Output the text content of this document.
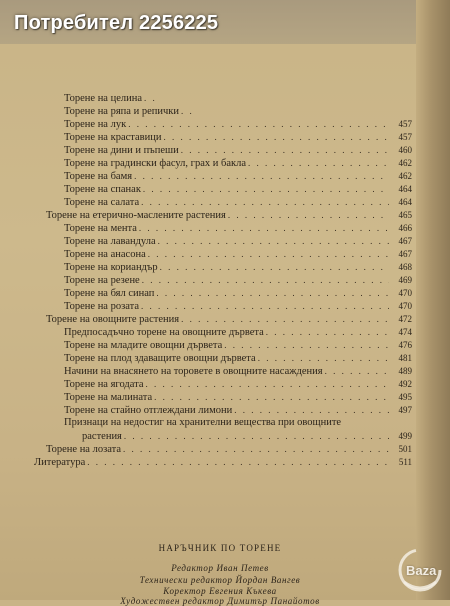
Потребител 2256225
Торене на целина
. . .
Торене на ряпа и репички
. . .
Торене на лук . . .	457
Торене на краставици . . .	457
Торене на дини и пъпеши . . .	460
Торене на градински фасул, грах и бакла . . .	462
Торене на бамя . . .	462
Торене на спанак . . .	464
Торене на салата . . .	464
Торене на етерично-маслените растения . . .	465
Торене на мента . . .	466
Торене на лавандула . . .	467
Торене на анасона . . .	467
Торене на кориандър . . .	468
Торене на резене . . .	469
Торене на бял синап . . .	470
Торене на розата . . .	470
Торене на овощните растения . . .	472
Предпосадъчно торене на овощните дървета . . .	474
Торене на младите овощни дървета . . .	476
Торене на плод здаващите овощни дървета . . .	481
Начини на внасянето на торовете в овощните насаждения . . .	489
Торене на ягодата . . .	492
Торене на малината . . .	495
Торене на стайно отглеждани лимони . . .	497
Признаци на недостиг на хранителни вещества при овощните
растения . . .	499
Торене на лозата . . .	501
Литература . . .	511
НАРЪЧНИК ПО ТОРЕНЕ
Редактор Иван Петев
Технически редактор Йордан Вангев
Коректор Евгения Къкева
Художествен редактор Димитър Панайотов
Baza
